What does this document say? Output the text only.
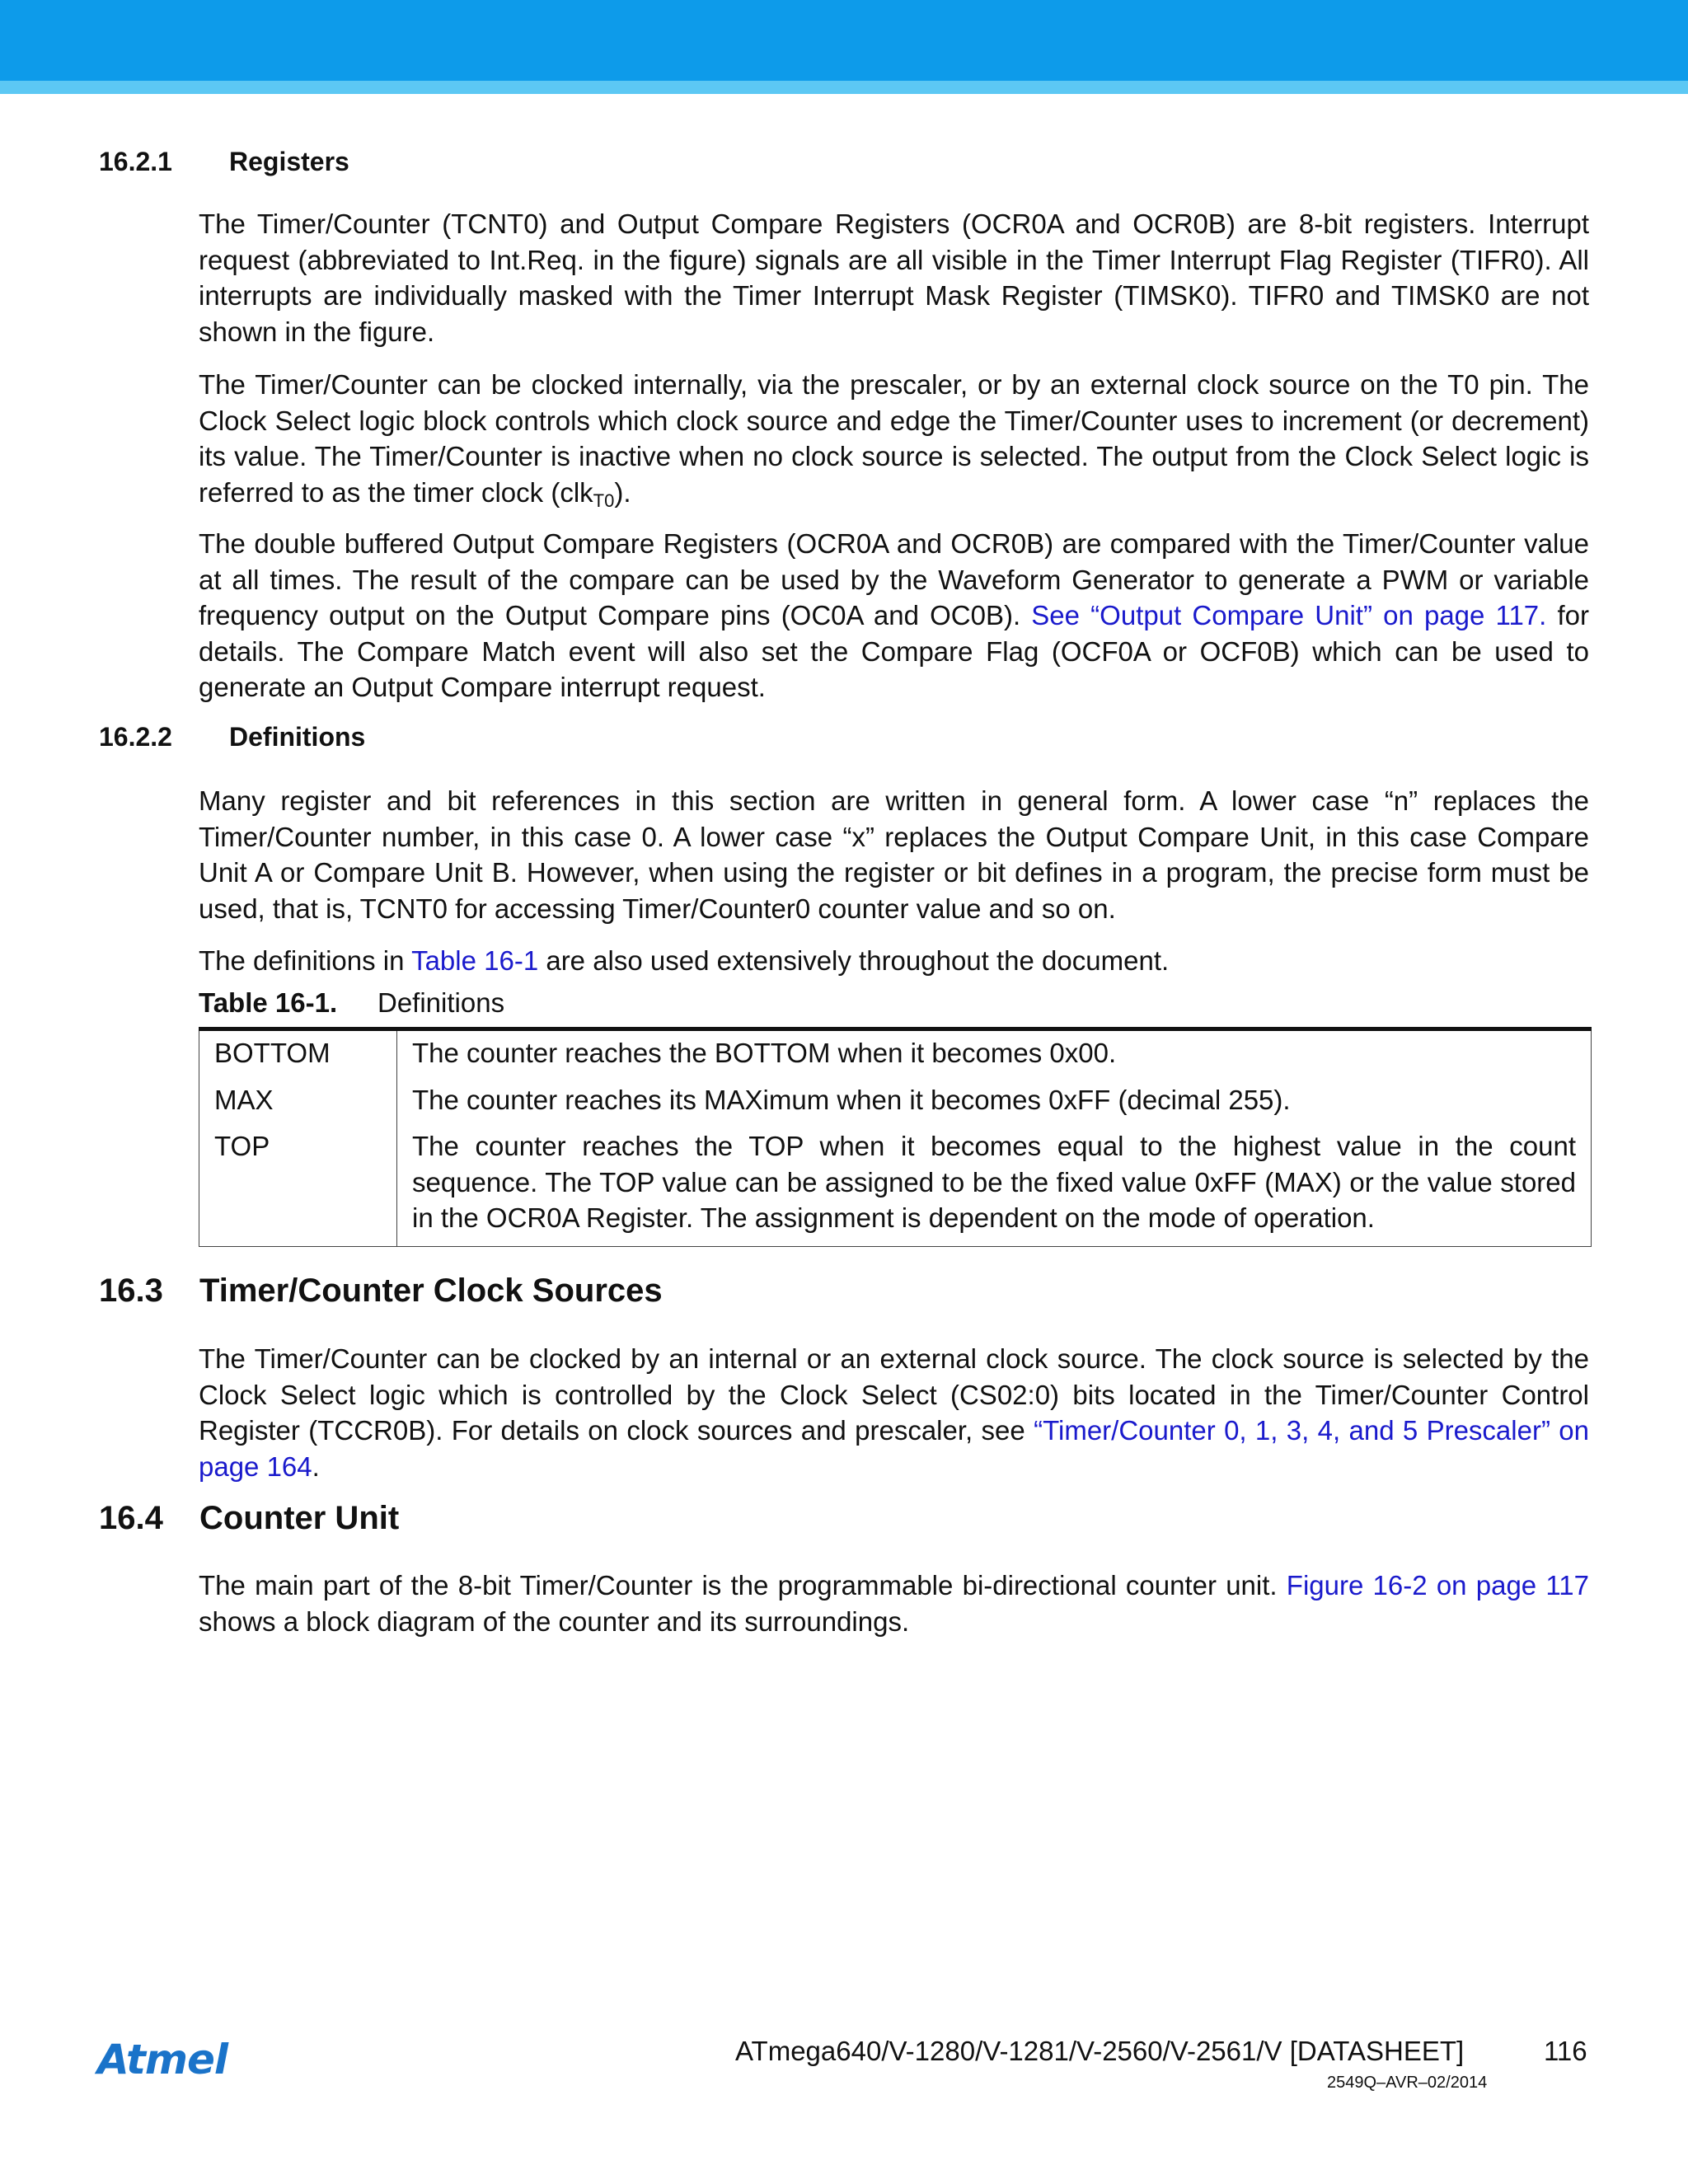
16.2.1 Registers

The Timer/Counter (TCNT0) and Output Compare Registers (OCR0A and OCR0B) are 8-bit registers. Interrupt request (abbreviated to Int.Req. in the figure) signals are all visible in the Timer Interrupt Flag Register (TIFR0). All interrupts are individually masked with the Timer Interrupt Mask Register (TIMSK0). TIFR0 and TIMSK0 are not shown in the figure.

The Timer/Counter can be clocked internally, via the prescaler, or by an external clock source on the T0 pin. The Clock Select logic block controls which clock source and edge the Timer/Counter uses to increment (or decrement) its value. The Timer/Counter is inactive when no clock source is selected. The output from the Clock Select logic is referred to as the timer clock (clk$_{T0}$).

The double buffered Output Compare Registers (OCR0A and OCR0B) are compared with the Timer/Counter value at all times. The result of the compare can be used by the Waveform Generator to generate a PWM or variable frequency output on the Output Compare pins (OC0A and OC0B). See “Output Compare Unit” on page 117. for details. The Compare Match event will also set the Compare Flag (OCF0A or OCF0B) which can be used to generate an Output Compare interrupt request.

16.2.2 Definitions

Many register and bit references in this section are written in general form. A lower case “n” replaces the Timer/Counter number, in this case 0. A lower case “x” replaces the Output Compare Unit, in this case Compare Unit A or Compare Unit B. However, when using the register or bit defines in a program, the precise form must be used, that is, TCNT0 for accessing Timer/Counter0 counter value and so on.

The definitions in Table 16-1 are also used extensively throughout the document.

Table 16-1. Definitions
BOTTOM	The counter reaches the BOTTOM when it becomes 0x00.
MAX	The counter reaches its MAXimum when it becomes 0xFF (decimal 255).
TOP	The counter reaches the TOP when it becomes equal to the highest value in the count sequence. The TOP value can be assigned to be the fixed value 0xFF (MAX) or the value stored in the OCR0A Register. The assignment is dependent on the mode of operation.
16.3 Timer/Counter Clock Sources

The Timer/Counter can be clocked by an internal or an external clock source. The clock source is selected by the Clock Select logic which is controlled by the Clock Select (CS02:0) bits located in the Timer/Counter Control Register (TCCR0B). For details on clock sources and prescaler, see “Timer/Counter 0, 1, 3, 4, and 5 Prescaler” on page 164.

16.4 Counter Unit

The main part of the 8-bit Timer/Counter is the programmable bi-directional counter unit. Figure 16-2 on page 117 shows a block diagram of the counter and its surroundings.

Atmel	ATmega640/V-1280/V-1281/V-2560/V-2561/V [DATASHEET]	116
2549Q–AVR–02/2014
